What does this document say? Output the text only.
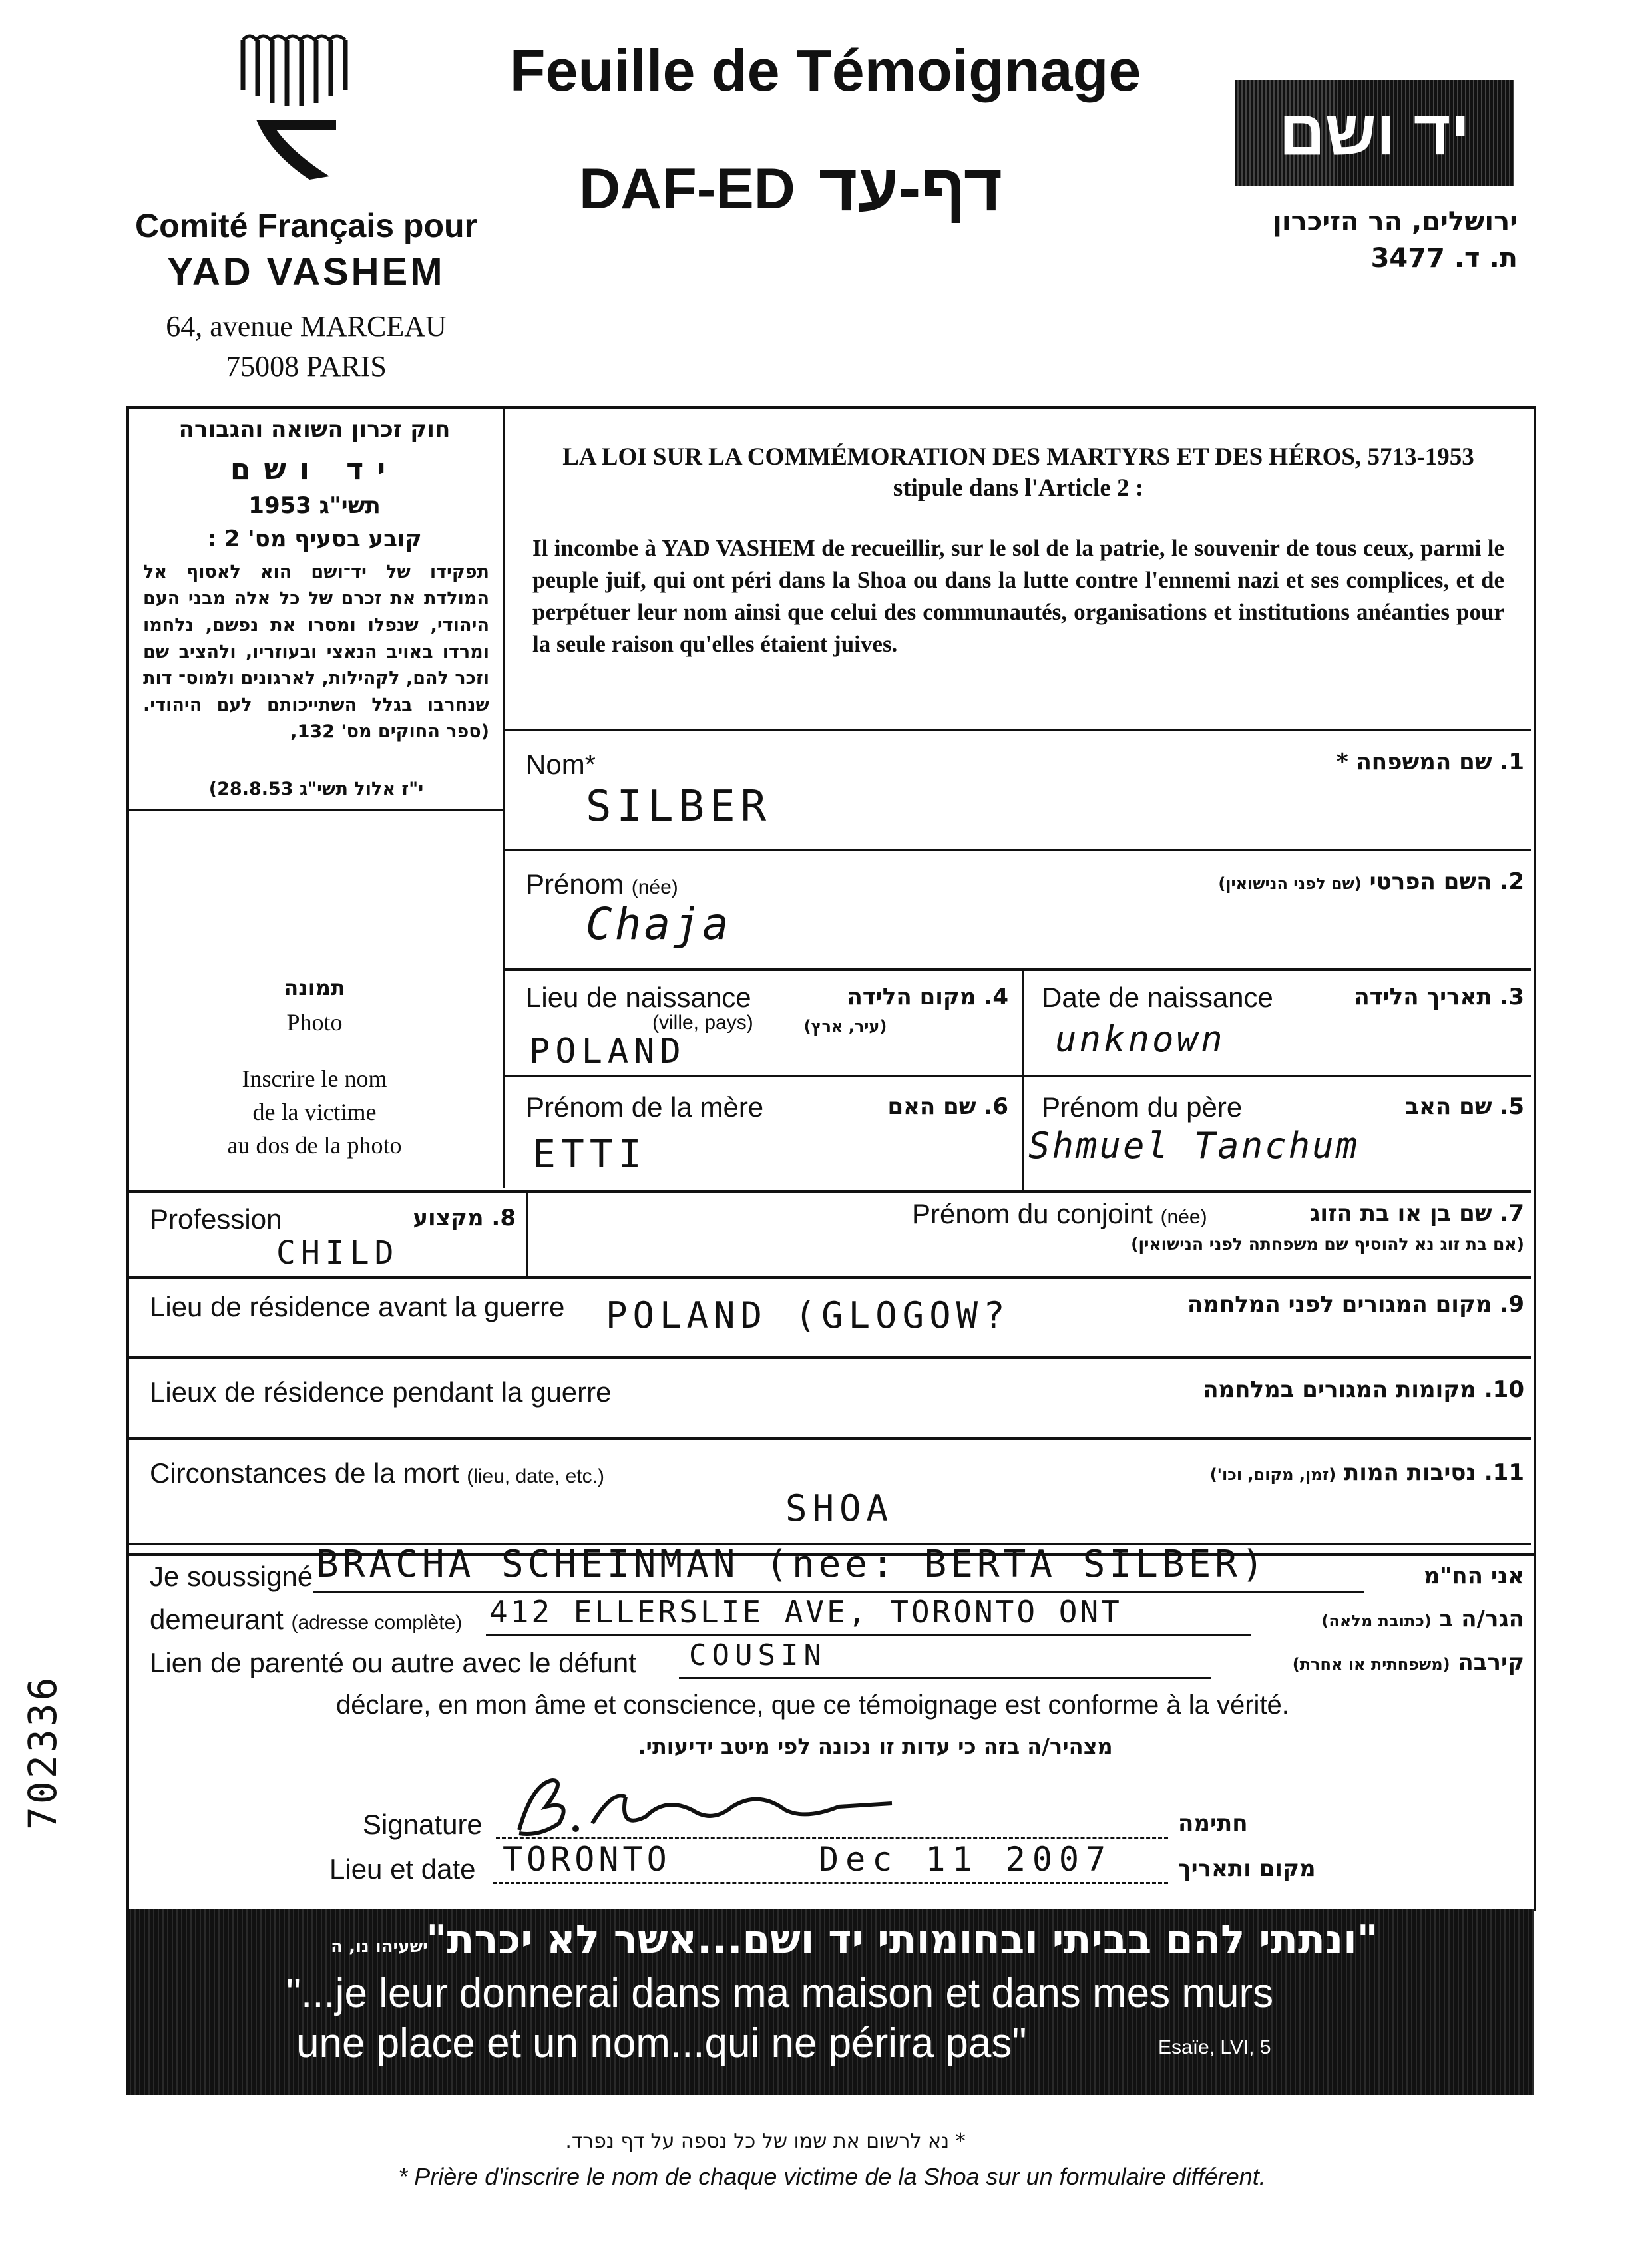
Comité Français pour
YAD VASHEM
64, avenue MARCEAU
75008 PARIS
Feuille de Témoignage
DAF-ED דף-עד
יד ושם
ירושלים, הר הזיכרון
ת. ד. 3477
חוק זכרון השואה והגבורה
יד ושם
תשי"ג 1953
קובע בסעיף מס' 2 :
תפקידו של יד־ושם הוא לאסוף אל המולדת את זכרם של כל אלה מבני העם היהודי, שנפלו ומסרו את נפשם, נלחמו ומרדו באויב הנאצי ובעוזריו, ולהציב שם וזכר להם, לקהילות, לארגונים ולמוס־ דות שנחרבו בגלל השתייכותם לעם היהודי. (ספר החוקים מס' 132,
י"ז אלול תשי"ג 28.8.53)
LA LOI SUR LA COMMÉMORATION DES MARTYRS ET DES HÉROS, 5713-1953
stipule dans l'Article 2 :
Il incombe à YAD VASHEM de recueillir, sur le sol de la patrie, le souvenir de tous ceux, parmi le peuple juif, qui ont péri dans la Shoa ou dans la lutte contre l'ennemi nazi et ses complices, et de perpétuer leur nom ainsi que celui des communautés, organisations et institutions anéanties pour la seule raison qu'elles étaient juives.
תמונה
Photo
Inscrire le nom
de la victime
au dos de la photo
Nom*	1. שם המשפחה *
SILBER
Prénom (née)	2. השם הפרטי (שם לפני הנישואין)
Chaja
Lieu de naissance
(ville, pays)
4. מקום הלידה
(עיר, ארץ)
POLAND
Date de naissance	3. תאריך הלידה
unknown
Prénom de la mère	6. שם האם
ETTI
Prénom du père	5. שם האב
Shmuel Tanchum
Profession	8. מקצוע
CHILD
Prénom du conjoint (née)	7. שם בן או בת הזוג
(אם בת זוג נא להוסיף שם משפחתה לפני הנישואין)
Lieu de résidence avant la guerre	9. מקום המגורים לפני המלחמה
POLAND (GLOGOW?
Lieux de résidence pendant la guerre	10. מקומות המגורים במלחמה
Circonstances de la mort (lieu, date, etc.)	11. נסיבות המות (זמן, מקום, וכו')
SHOA
Je soussigné BRACHA SCHEINMAN (nee: BERTA SILBER)	אני הח"מ
demeurant (adresse complète) 412 ELLERSLIE AVE, TORONTO ONT	הגר/ה ב (כתובת מלאה)
Lien de parenté ou autre avec le défunt COUSIN	קירבה (משפחתית או אחרת)
déclare, en mon âme et conscience, que ce témoignage est conforme à la vérité.
מצהיר/ה בזה כי עדות זו נכונה לפי מיטב ידיעותי.
Signature	חתימה
Lieu et date TORONTO	Dec 11 2007	מקום ותאריך
702336
ישעיהו נו, ה
"ונתתי להם בביתי ובחומותי יד ושם...אשר לא יכרת"
"...je leur donnerai dans ma maison et dans mes murs
une place et un nom...qui ne périra pas"	Esaïe, LVI, 5
* נא לרשום את שמו של כל נספה על דף נפרד.
* Prière d'inscrire le nom de chaque victime de la Shoa sur un formulaire différent.
